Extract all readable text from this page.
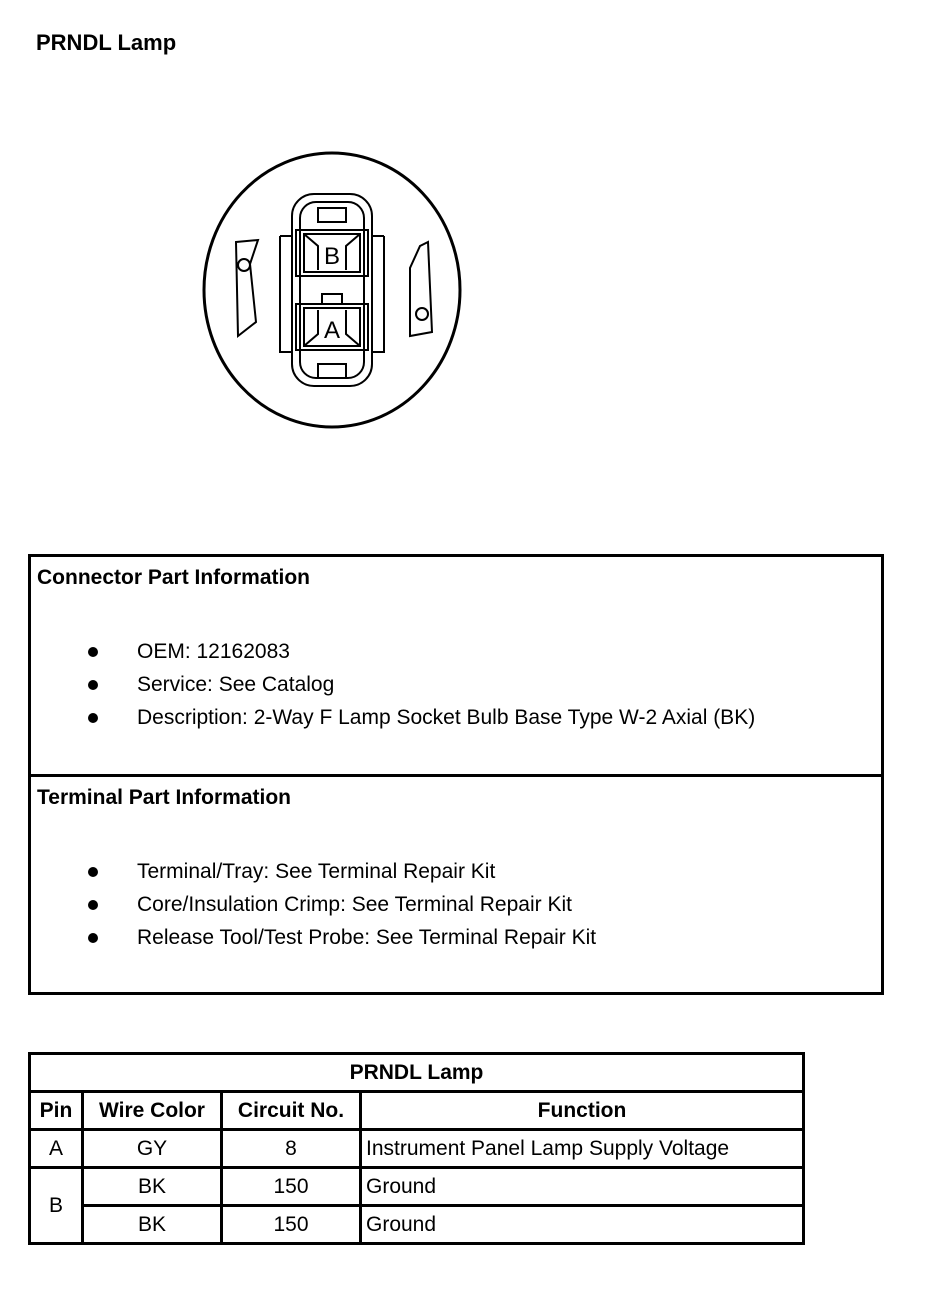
PRNDL Lamp
B
A
Connector Part Information
OEM: 12162083
Service: See Catalog
Description: 2-Way F Lamp Socket Bulb Base Type W-2 Axial (BK)
Terminal Part Information
Terminal/Tray: See Terminal Repair Kit
Core/Insulation Crimp: See Terminal Repair Kit
Release Tool/Test Probe: See Terminal Repair Kit
PRNDL Lamp			
Pin	Wire Color	Circuit No.	Function
A	GY	8	Instrument Panel Lamp Supply Voltage
B	BK	150	Ground
	BK	150	Ground
